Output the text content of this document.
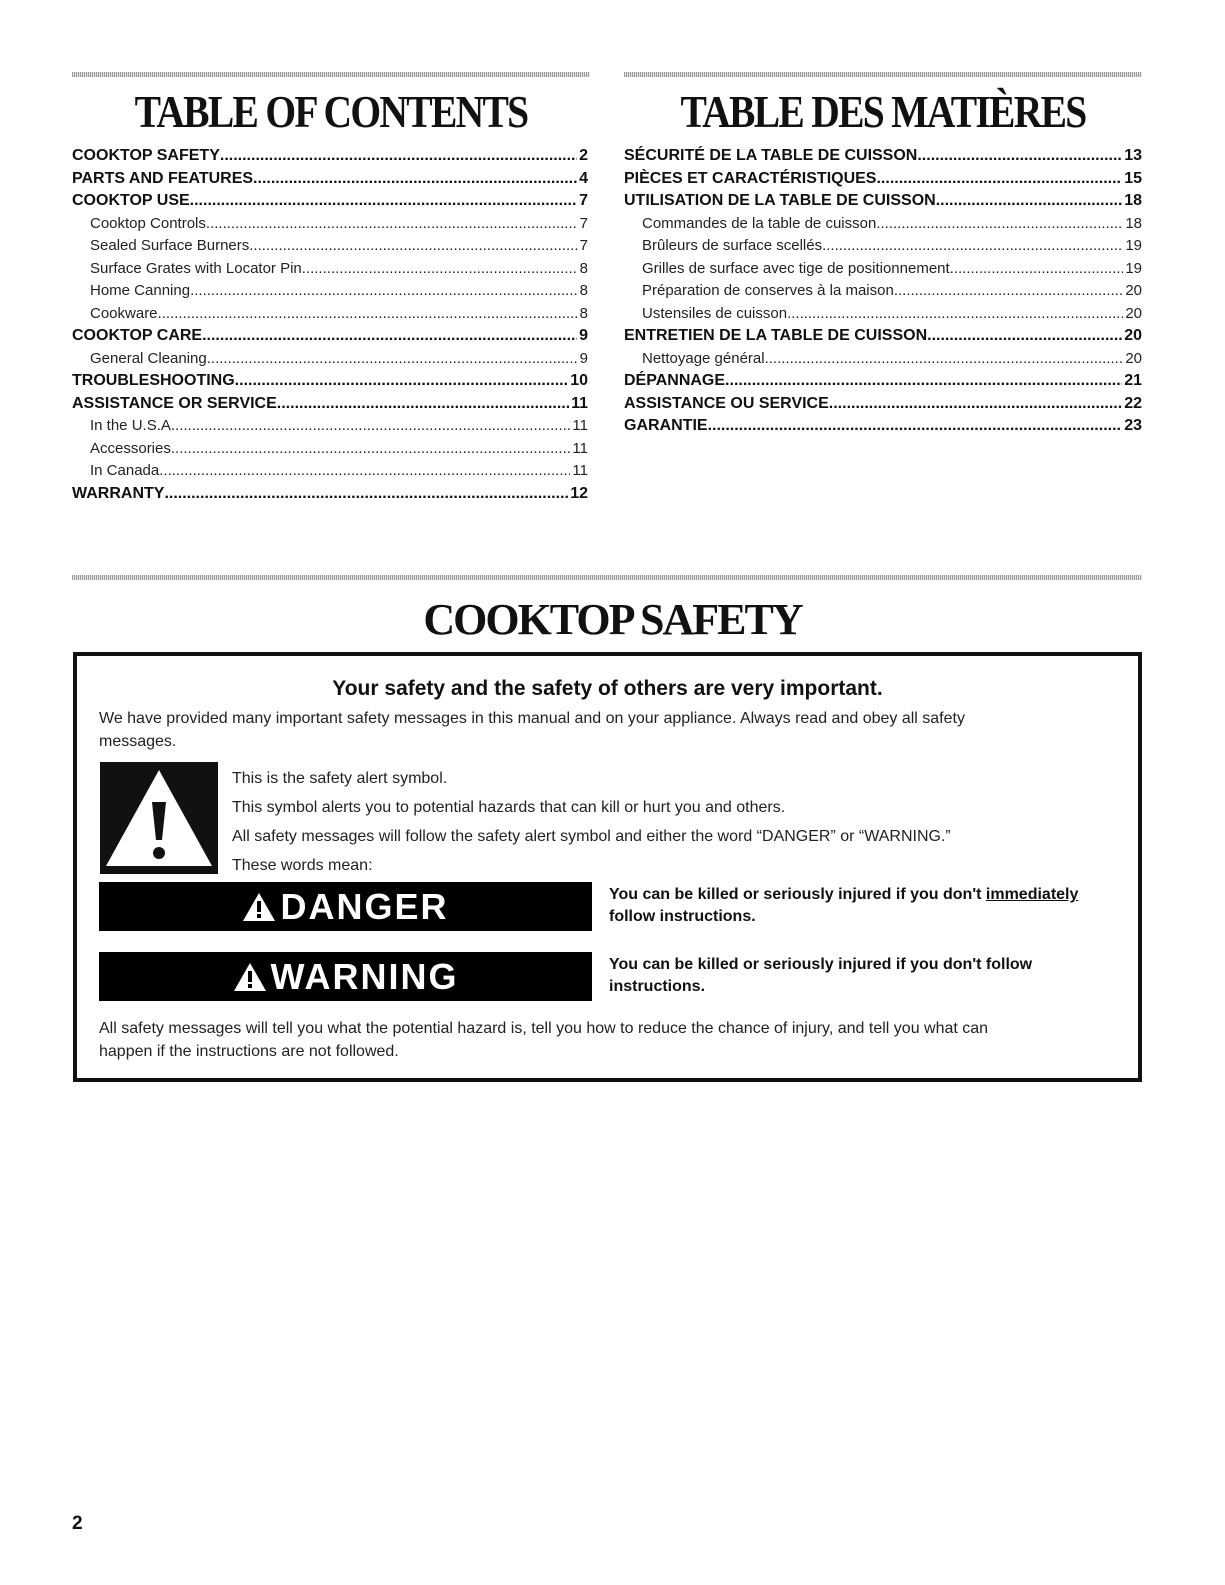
TABLE OF CONTENTS	TABLE DES MATIÈRES
COOKTOP SAFETY .....	2
PARTS AND FEATURES .....	4
COOKTOP USE .....	7
Cooktop Controls .....	7
Sealed Surface Burners .....	7
Surface Grates with Locator Pin .....	8
Home Canning .....	8
Cookware .....	8
COOKTOP CARE .....	9
General Cleaning .....	9
TROUBLESHOOTING .....	10
ASSISTANCE OR SERVICE .....	11
In the U.S.A. .....	11
Accessories .....	11
In Canada .....	11
WARRANTY .....	12
SÉCURITÉ DE LA TABLE DE CUISSON .....	13
PIÈCES ET CARACTÉRISTIQUES .....	15
UTILISATION DE LA TABLE DE CUISSON .....	18
Commandes de la table de cuisson .....	18
Brûleurs de surface scellés .....	19
Grilles de surface avec tige de positionnement .....	19
Préparation de conserves à la maison .....	20
Ustensiles de cuisson .....	20
ENTRETIEN DE LA TABLE DE CUISSON .....	20
Nettoyage général .....	20
DÉPANNAGE .....	21
ASSISTANCE OU SERVICE .....	22
GARANTIE .....	23
COOKTOP SAFETY
Your safety and the safety of others are very important.
We have provided many important safety messages in this manual and on your appliance. Always read and obey all safety
messages.
This is the safety alert symbol.
This symbol alerts you to potential hazards that can kill or hurt you and others.
All safety messages will follow the safety alert symbol and either the word “DANGER” or “WARNING.”
These words mean:
DANGER	You can be killed or seriously injured if you don't immediately
follow instructions.
WARNING	You can be killed or seriously injured if you don't follow
instructions.
All safety messages will tell you what the potential hazard is, tell you how to reduce the chance of injury, and tell you what can
happen if the instructions are not followed.
2
